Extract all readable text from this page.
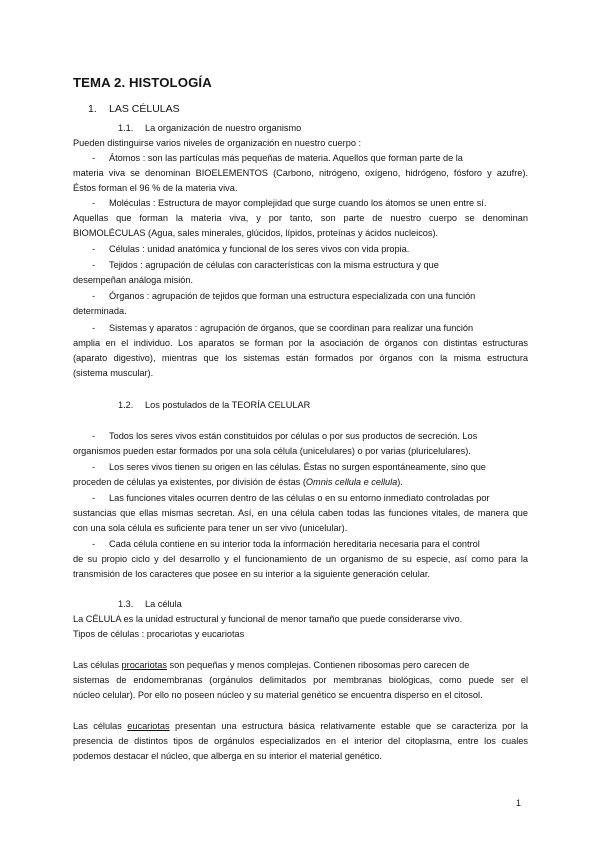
TEMA 2. HISTOLOGÍA
1. LAS CÉLULAS
1.1. La organización de nuestro organismo
Pueden distinguirse varios niveles de organización en nuestro cuerpo :
- Átomos : son las partículas más pequeñas de materia. Aquellos que forman parte de la
materia viva se denominan BIOELEMENTOS (Carbono, nitrógeno, oxígeno, hidrógeno, fósforo y azufre).
Éstos forman el 96 % de la materia viva.
- Moléculas : Estructura de mayor complejidad que surge cuando los átomos se unen entre sí.
Aquellas que forman la materia viva, y por tanto, son parte de nuestro cuerpo se denominan
BIOMOLÉCULAS (Agua, sales minerales, glúcidos, lípidos, proteínas y ácidos nucleicos).
- Células : unidad anatómica y funcional de los seres vivos con vida propia.
- Tejidos : agrupación de células con características con la misma estructura y que
desempeñan análoga misión.
- Órganos : agrupación de tejidos que forman una estructura especializada con una función
determinada.
- Sistemas y aparatos : agrupación de órganos, que se coordinan para realizar una función
amplia en el individuo. Los aparatos se forman por la asociación de órganos con distintas estructuras
(aparato digestivo), mientras que los sistemas están formados por órganos con la misma estructura
(sistema muscular).
1.2. Los postulados de la TEORÍA CELULAR
- Todos los seres vivos están constituidos por células o por sus productos de secreción. Los
organismos pueden estar formados por una sola célula (unicelulares) o por varias (pluricelulares).
- Los seres vivos tienen su origen en las células. Éstas no surgen espontáneamente, sino que
proceden de células ya existentes, por división de éstas (Omnis cellula e cellula).
- Las funciones vitales ocurren dentro de las células o en su entorno inmediato controladas por
sustancias que ellas mismas secretan. Así, en una célula caben todas las funciones vitales, de manera que
con una sola célula es suficiente para tener un ser vivo (unicelular).
- Cada célula contiene en su interior toda la información hereditaria necesaria para el control
de su propio ciclo y del desarrollo y el funcionamiento de un organismo de su especie, así como para la
transmisión de los caracteres que posee en su interior a la siguiente generación celular.
1.3. La célula
La CÉLULA es la unidad estructural y funcional de menor tamaño que puede considerarse vivo.
Tipos de células : procariotas y eucariotas
Las células procariotas son pequeñas y menos complejas. Contienen ribosomas pero carecen de
sistemas de endomembranas (orgánulos delimitados por membranas biológicas, como puede ser el
núcleo celular). Por ello no poseen núcleo y su material genético se encuentra disperso en el citosol.
Las células eucariotas presentan una estructura básica relativamente estable que se caracteriza por la
presencia de distintos tipos de orgánulos especializados en el interior del citoplasma, entre los cuales
podemos destacar el núcleo, que alberga en su interior el material genético.
1
